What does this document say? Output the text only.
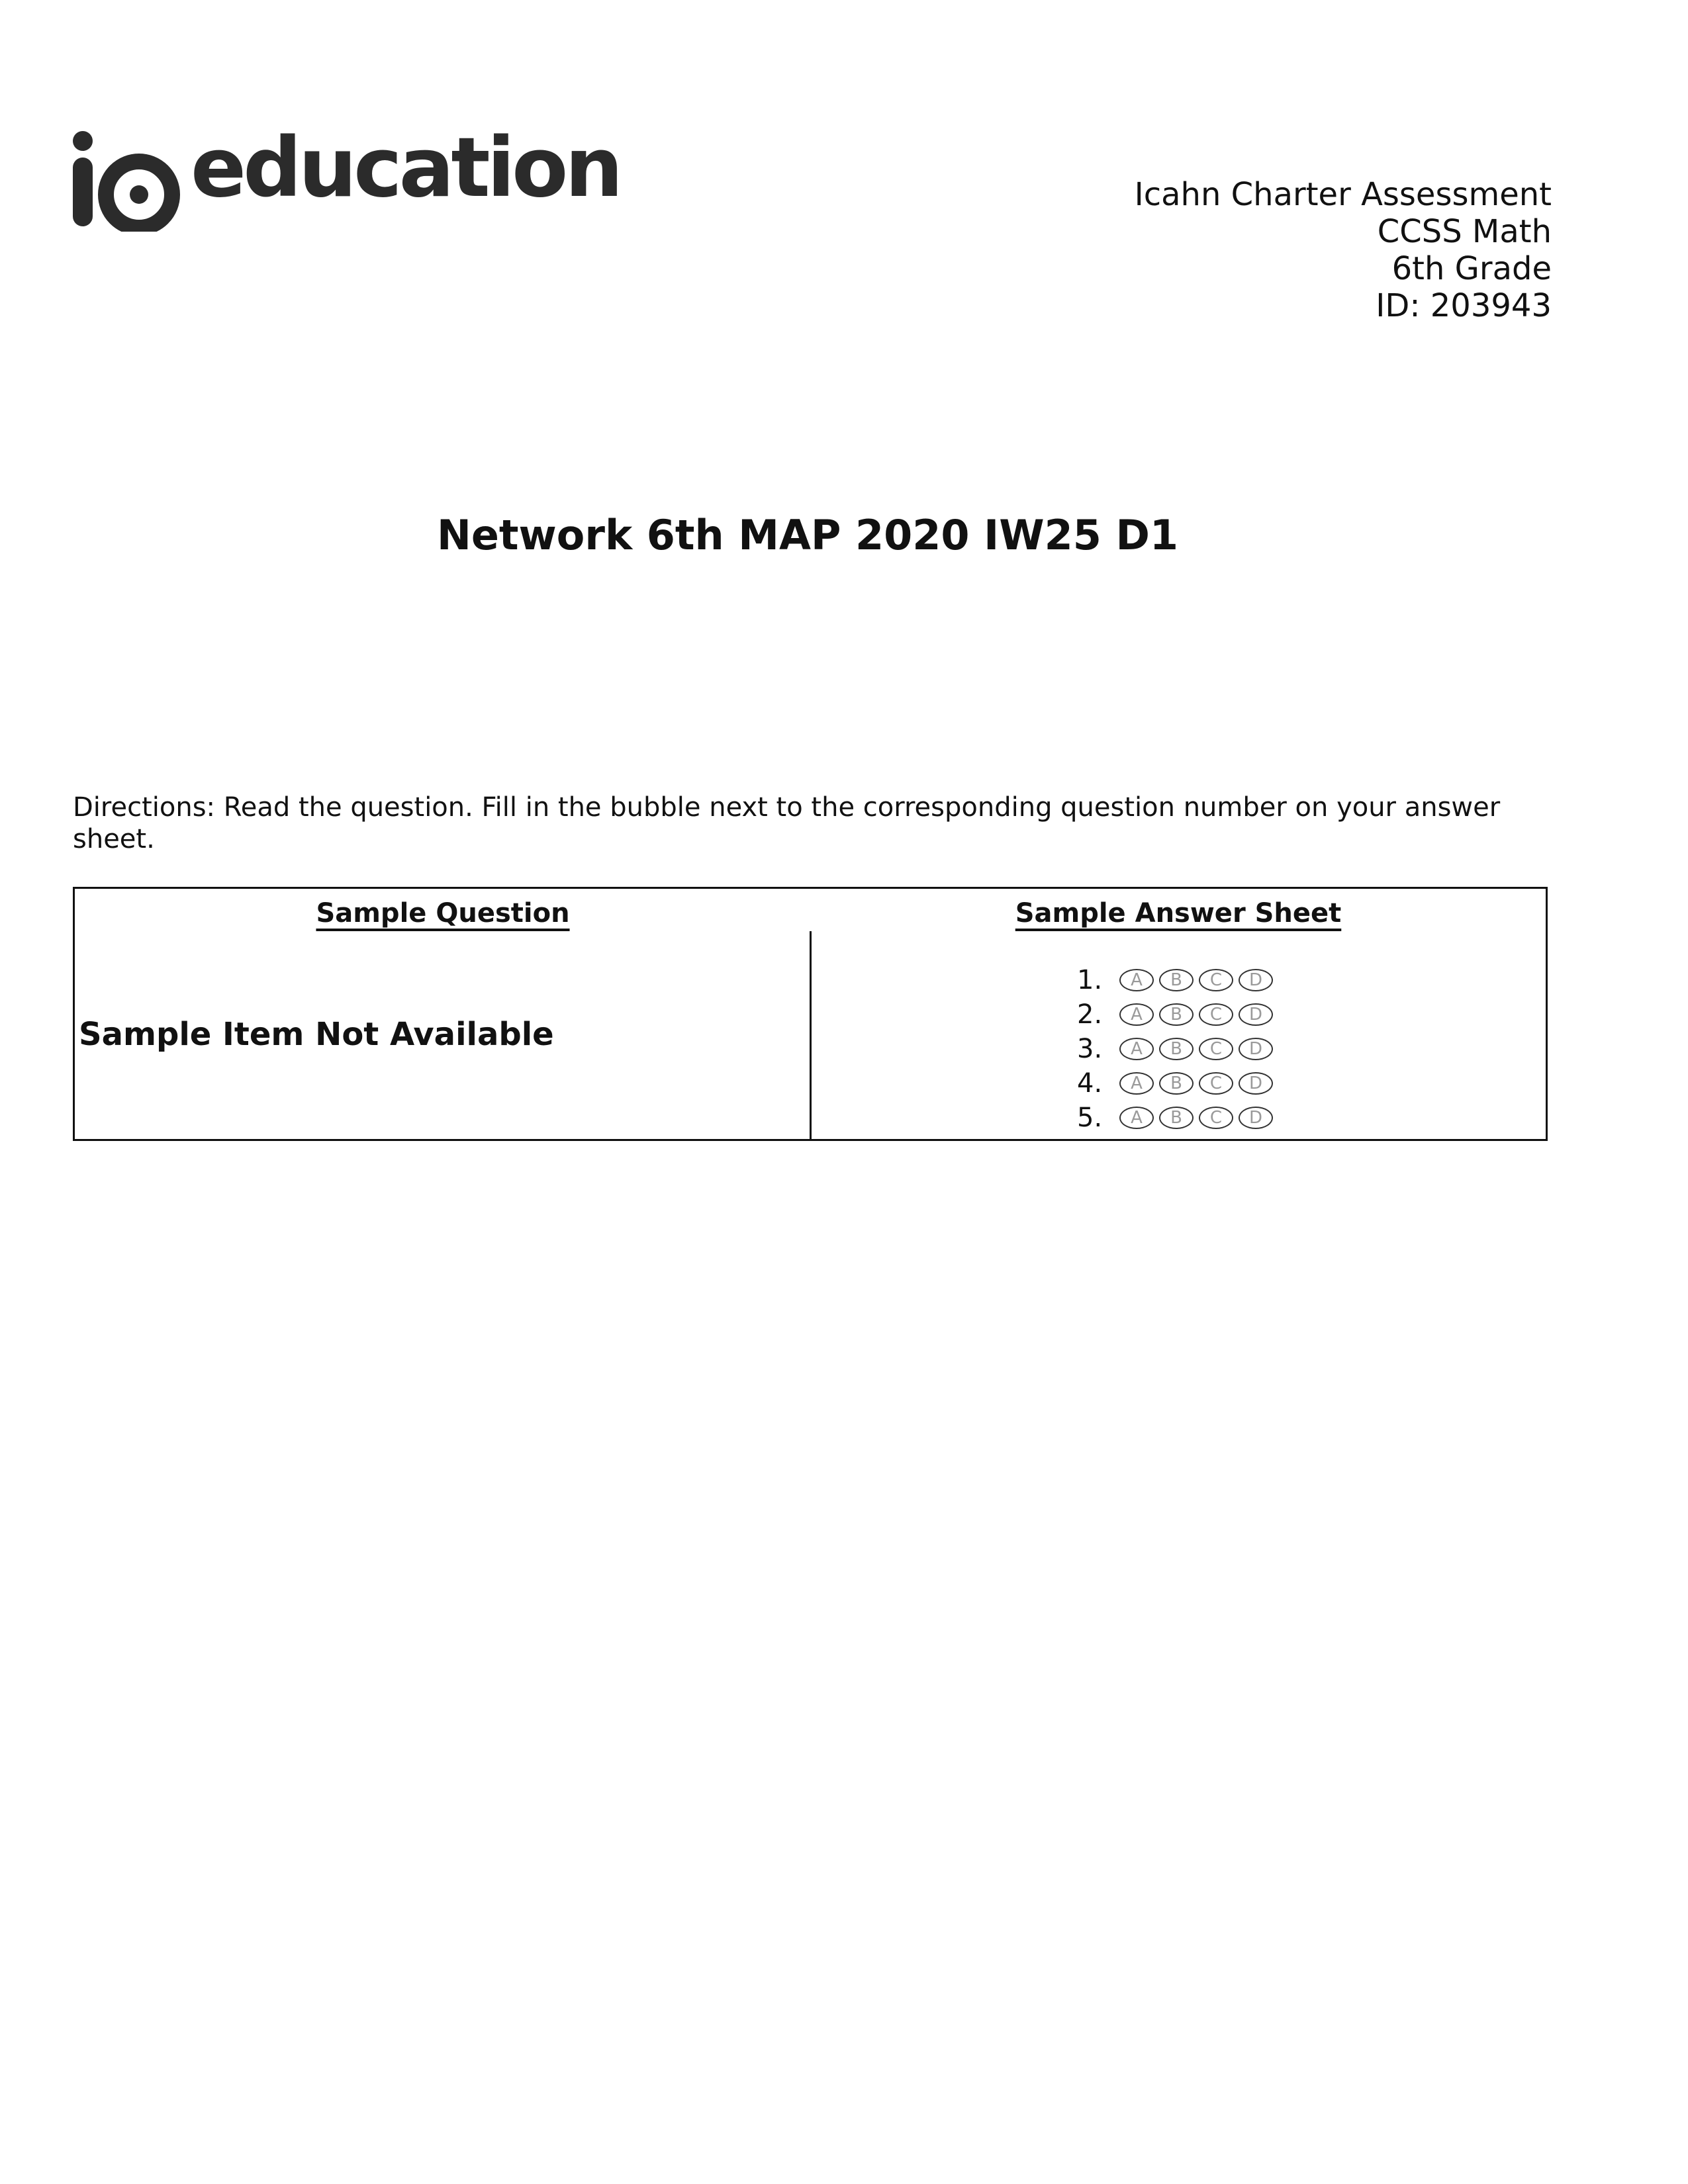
education	Icahn Charter Assessment
CCSS Math
6th Grade
ID: 203943
Network 6th MAP 2020 IW25 D1
Directions: Read the question. Fill in the bubble next to the corresponding question number on your answer sheet.
Sample Question	Sample Answer Sheet
Sample Item Not Available
1.	A	B	C	D
2.	A	B	C	D
3.	A	B	C	D
4.	A	B	C	D
5.	A	B	C	D
